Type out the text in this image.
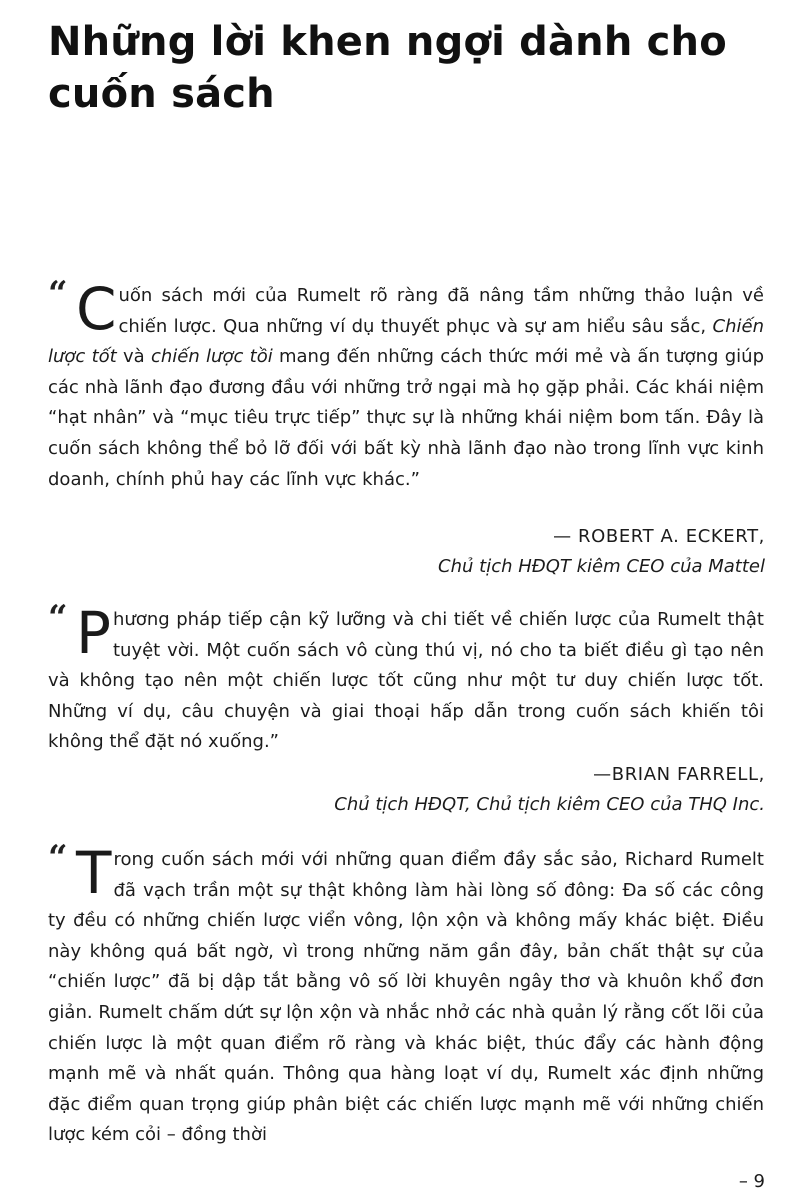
Những lời khen ngợi dành cho cuốn sách

“ C uốn sách mới của Rumelt rõ ràng đã nâng tầm những thảo luận về chiến lược. Qua những ví dụ thuyết phục và sự am hiểu sâu sắc, Chiến lược tốt và chiến lược tồi mang đến những cách thức mới mẻ và ấn tượng giúp các nhà lãnh đạo đương đầu với những trở ngại mà họ gặp phải. Các khái niệm “hạt nhân” và “mục tiêu trực tiếp” thực sự là những khái niệm bom tấn. Đây là cuốn sách không thể bỏ lỡ đối với bất kỳ nhà lãnh đạo nào trong lĩnh vực kinh doanh, chính phủ hay các lĩnh vực khác.”

— ROBERT A. ECKERT,
Chủ tịch HĐQT kiêm CEO của Mattel

“ P hương pháp tiếp cận kỹ lưỡng và chi tiết về chiến lược của Rumelt thật tuyệt vời. Một cuốn sách vô cùng thú vị, nó cho ta biết điều gì tạo nên và không tạo nên một chiến lược tốt cũng như một tư duy chiến lược tốt. Những ví dụ, câu chuyện và giai thoại hấp dẫn trong cuốn sách khiến tôi không thể đặt nó xuống.”

—BRIAN FARRELL,
Chủ tịch HĐQT, Chủ tịch kiêm CEO của THQ Inc.

“ T rong cuốn sách mới với những quan điểm đầy sắc sảo, Richard Rumelt đã vạch trần một sự thật không làm hài lòng số đông: Đa số các công ty đều có những chiến lược viển vông, lộn xộn và không mấy khác biệt. Điều này không quá bất ngờ, vì trong những năm gần đây, bản chất thật sự của “chiến lược” đã bị dập tắt bằng vô số lời khuyên ngây thơ và khuôn khổ đơn giản. Rumelt chấm dứt sự lộn xộn và nhắc nhở các nhà quản lý rằng cốt lõi của chiến lược là một quan điểm rõ ràng và khác biệt, thúc đẩy các hành động mạnh mẽ và nhất quán. Thông qua hàng loạt ví dụ, Rumelt xác định những đặc điểm quan trọng giúp phân biệt các chiến lược mạnh mẽ với những chiến lược kém cỏi – đồng thời

– 9
